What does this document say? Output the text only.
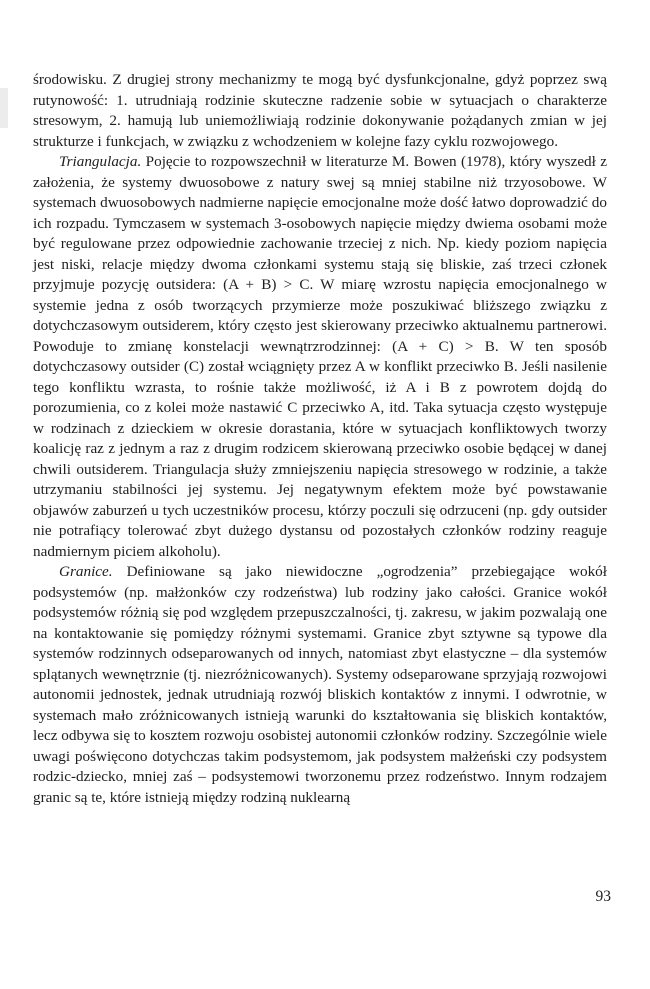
środowisku. Z drugiej strony mechanizmy te mogą być dysfunkcjonalne, gdyż poprzez swą rutynowość: 1. utrudniają rodzinie skuteczne radzenie sobie w sytuacjach o charakterze stresowym, 2. hamują lub uniemożliwiają rodzinie dokonywanie pożądanych zmian w jej strukturze i funkcjach, w związku z wchodzeniem w kolejne fazy cyklu rozwojowego.

Triangulacja. Pojęcie to rozpowszechnił w literaturze M. Bowen (1978), który wyszedł z założenia, że systemy dwuosobowe z natury swej są mniej stabilne niż trzyosobowe. W systemach dwuosobowych nadmierne napięcie emocjonalne może dość łatwo doprowadzić do ich rozpadu. Tymczasem w systemach 3-osobowych napięcie między dwiema osobami może być regulowane przez odpowiednie zachowanie trzeciej z nich. Np. kiedy poziom napięcia jest niski, relacje między dwoma członkami systemu stają się bliskie, zaś trzeci członek przyjmuje pozycję outsidera: (A + B) > C. W miarę wzrostu napięcia emocjonalnego w systemie jedna z osób tworzących przymierze może poszukiwać bliższego związku z dotychczasowym outsiderem, który często jest skierowany przeciwko aktualnemu partnerowi. Powoduje to zmianę konstelacji wewnątrzrodzinnej: (A + C) > B. W ten sposób dotychczasowy outsider (C) został wciągnięty przez A w konflikt przeciwko B. Jeśli nasilenie tego konfliktu wzrasta, to rośnie także możliwość, iż A i B z powrotem dojdą do porozumienia, co z kolei może nastawić C przeciwko A, itd. Taka sytuacja często występuje w rodzinach z dzieckiem w okresie dorastania, które w sytuacjach konfliktowych tworzy koalicję raz z jednym a raz z drugim rodzicem skierowaną przeciwko osobie będącej w danej chwili outsiderem. Triangulacja służy zmniejszeniu napięcia stresowego w rodzinie, a także utrzymaniu stabilności jej systemu. Jej negatywnym efektem może być powstawanie objawów zaburzeń u tych uczestników procesu, którzy poczuli się odrzuceni (np. gdy outsider nie potrafiący tolerować zbyt dużego dystansu od pozostałych członków rodziny reaguje nadmiernym piciem alkoholu).

Granice. Definiowane są jako niewidoczne „ogrodzenia” przebiegające wokół podsystemów (np. małżonków czy rodzeństwa) lub rodziny jako całości. Granice wokół podsystemów różnią się pod względem przepuszczalności, tj. zakresu, w jakim pozwalają one na kontaktowanie się pomiędzy różnymi systemami. Granice zbyt sztywne są typowe dla systemów rodzinnych odseparowanych od innych, natomiast zbyt elastyczne – dla systemów splątanych wewnętrznie (tj. niezróżnicowanych). Systemy odseparowane sprzyjają rozwojowi autonomii jednostek, jednak utrudniają rozwój bliskich kontaktów z innymi. I odwrotnie, w systemach mało zróżnicowanych istnieją warunki do kształtowania się bliskich kontaktów, lecz odbywa się to kosztem rozwoju osobistej autonomii członków rodziny. Szczególnie wiele uwagi poświęcono dotychczas takim podsystemom, jak podsystem małżeński czy podsystem rodzic-dziecko, mniej zaś – podsystemowi tworzonemu przez rodzeństwo. Innym rodzajem granic są te, które istnieją między rodziną nuklearną

93
